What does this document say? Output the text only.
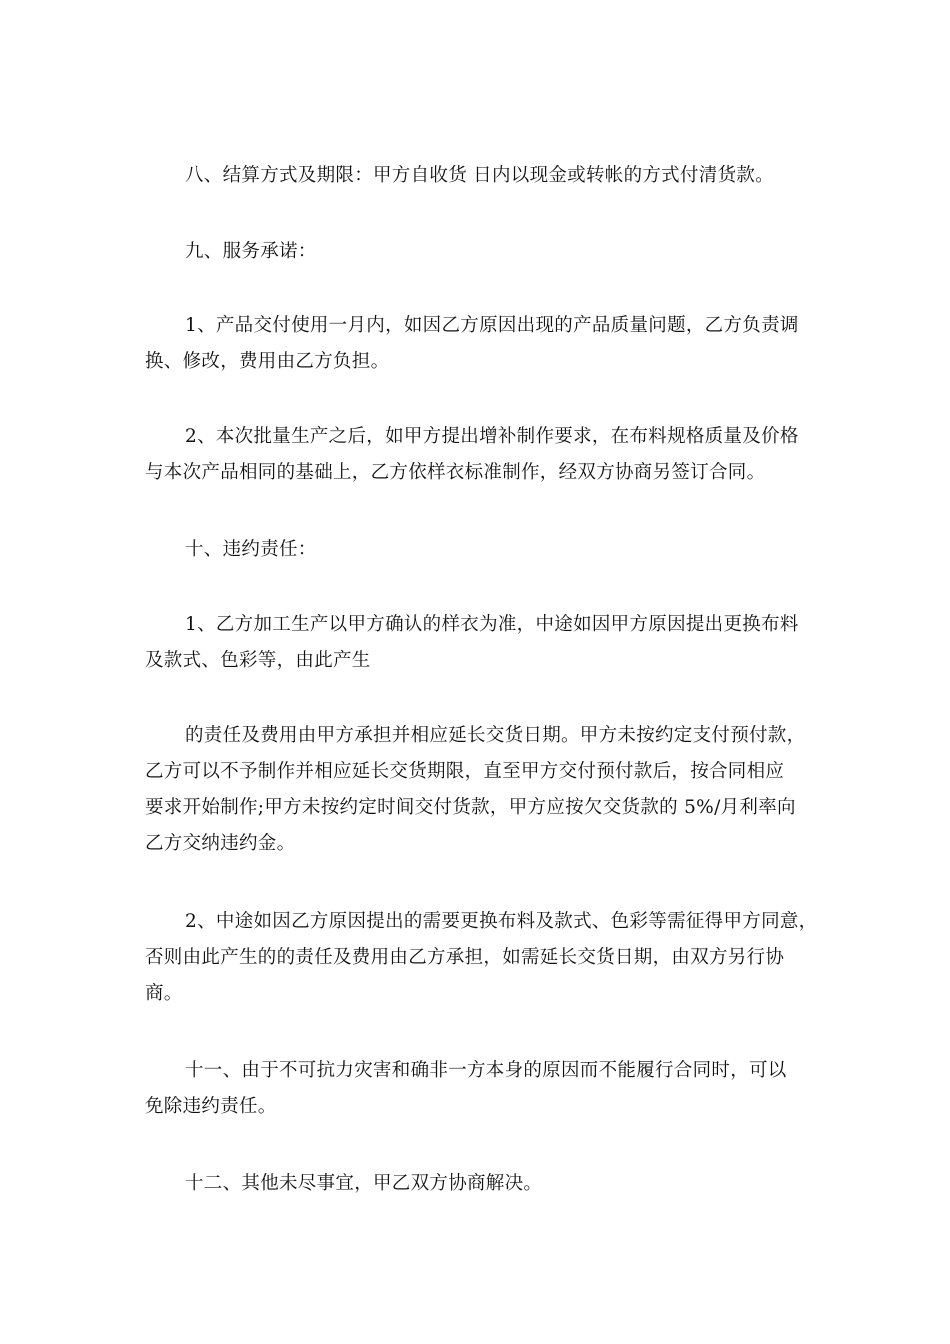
八、结算方式及期限：甲方自收货 日内以现金或转帐的方式付清货款。

九、服务承诺：

1、产品交付使用一月内，如因乙方原因出现的产品质量问题，乙方负责调
换、修改，费用由乙方负担。

2、本次批量生产之后，如甲方提出增补制作要求，在布料规格质量及价格
与本次产品相同的基础上，乙方依样衣标准制作，经双方协商另签订合同。

十、违约责任：

1、乙方加工生产以甲方确认的样衣为准，中途如因甲方原因提出更换布料
及款式、色彩等，由此产生

的责任及费用由甲方承担并相应延长交货日期。甲方未按约定支付预付款，
乙方可以不予制作并相应延长交货期限，直至甲方交付预付款后，按合同相应
要求开始制作;甲方未按约定时间交付货款，甲方应按欠交货款的 5%/月利率向
乙方交纳违约金。

2、中途如因乙方原因提出的需要更换布料及款式、色彩等需征得甲方同意，
否则由此产生的的责任及费用由乙方承担，如需延长交货日期，由双方另行协
商。

十一、由于不可抗力灾害和确非一方本身的原因而不能履行合同时，可以
免除违约责任。

十二、其他未尽事宜，甲乙双方协商解决。
